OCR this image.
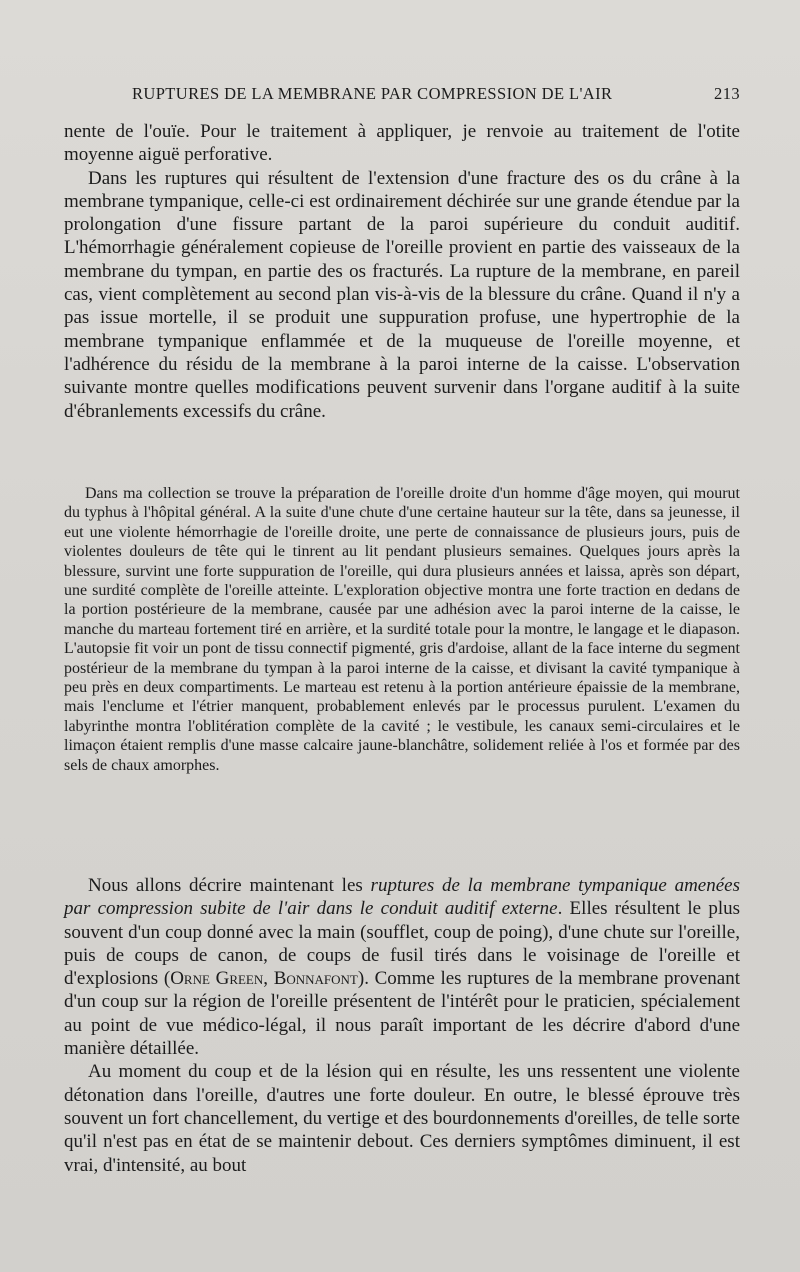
RUPTURES DE LA MEMBRANE PAR COMPRESSION DE L'AIR	213

nente de l'ouïe. Pour le traitement à appliquer, je renvoie au traitement de l'otite moyenne aiguë perforative.

Dans les ruptures qui résultent de l'extension d'une fracture des os du crâne à la membrane tympanique, celle-ci est ordinairement déchirée sur une grande étendue par la prolongation d'une fissure partant de la paroi supérieure du conduit auditif. L'hémorrhagie généralement copieuse de l'oreille provient en partie des vaisseaux de la membrane du tympan, en partie des os fracturés. La rupture de la membrane, en pareil cas, vient complètement au second plan vis-à-vis de la blessure du crâne. Quand il n'y a pas issue mortelle, il se produit une suppuration profuse, une hypertrophie de la membrane tympanique enflammée et de la muqueuse de l'oreille moyenne, et l'adhérence du résidu de la membrane à la paroi interne de la caisse. L'observation suivante montre quelles modifications peuvent survenir dans l'organe auditif à la suite d'ébranlements excessifs du crâne.

Dans ma collection se trouve la préparation de l'oreille droite d'un homme d'âge moyen, qui mourut du typhus à l'hôpital général. A la suite d'une chute d'une certaine hauteur sur la tête, dans sa jeunesse, il eut une violente hémorrhagie de l'oreille droite, une perte de connaissance de plusieurs jours, puis de violentes douleurs de tête qui le tinrent au lit pendant plusieurs semaines. Quelques jours après la blessure, survint une forte suppuration de l'oreille, qui dura plusieurs années et laissa, après son départ, une surdité complète de l'oreille atteinte. L'exploration objective montra une forte traction en dedans de la portion postérieure de la membrane, causée par une adhésion avec la paroi interne de la caisse, le manche du marteau fortement tiré en arrière, et la surdité totale pour la montre, le langage et le diapason. L'autopsie fit voir un pont de tissu connectif pigmenté, gris d'ardoise, allant de la face interne du segment postérieur de la membrane du tympan à la paroi interne de la caisse, et divisant la cavité tympanique à peu près en deux compartiments. Le marteau est retenu à la portion antérieure épaissie de la membrane, mais l'enclume et l'étrier manquent, probablement enlevés par le processus purulent. L'examen du labyrinthe montra l'oblitération complète de la cavité ; le vestibule, les canaux semi-circulaires et le limaçon étaient remplis d'une masse calcaire jaune-blanchâtre, solidement reliée à l'os et formée par des sels de chaux amorphes.

Nous allons décrire maintenant les ruptures de la membrane tympanique amenées par compression subite de l'air dans le conduit auditif externe. Elles résultent le plus souvent d'un coup donné avec la main (soufflet, coup de poing), d'une chute sur l'oreille, puis de coups de canon, de coups de fusil tirés dans le voisinage de l'oreille et d'explosions (Orne Green, Bonnafont). Comme les ruptures de la membrane provenant d'un coup sur la région de l'oreille présentent de l'intérêt pour le praticien, spécialement au point de vue médico-légal, il nous paraît important de les décrire d'abord d'une manière détaillée.

Au moment du coup et de la lésion qui en résulte, les uns ressentent une violente détonation dans l'oreille, d'autres une forte douleur. En outre, le blessé éprouve très souvent un fort chancellement, du vertige et des bourdonnements d'oreilles, de telle sorte qu'il n'est pas en état de se maintenir debout. Ces derniers symptômes diminuent, il est vrai, d'intensité, au bout
